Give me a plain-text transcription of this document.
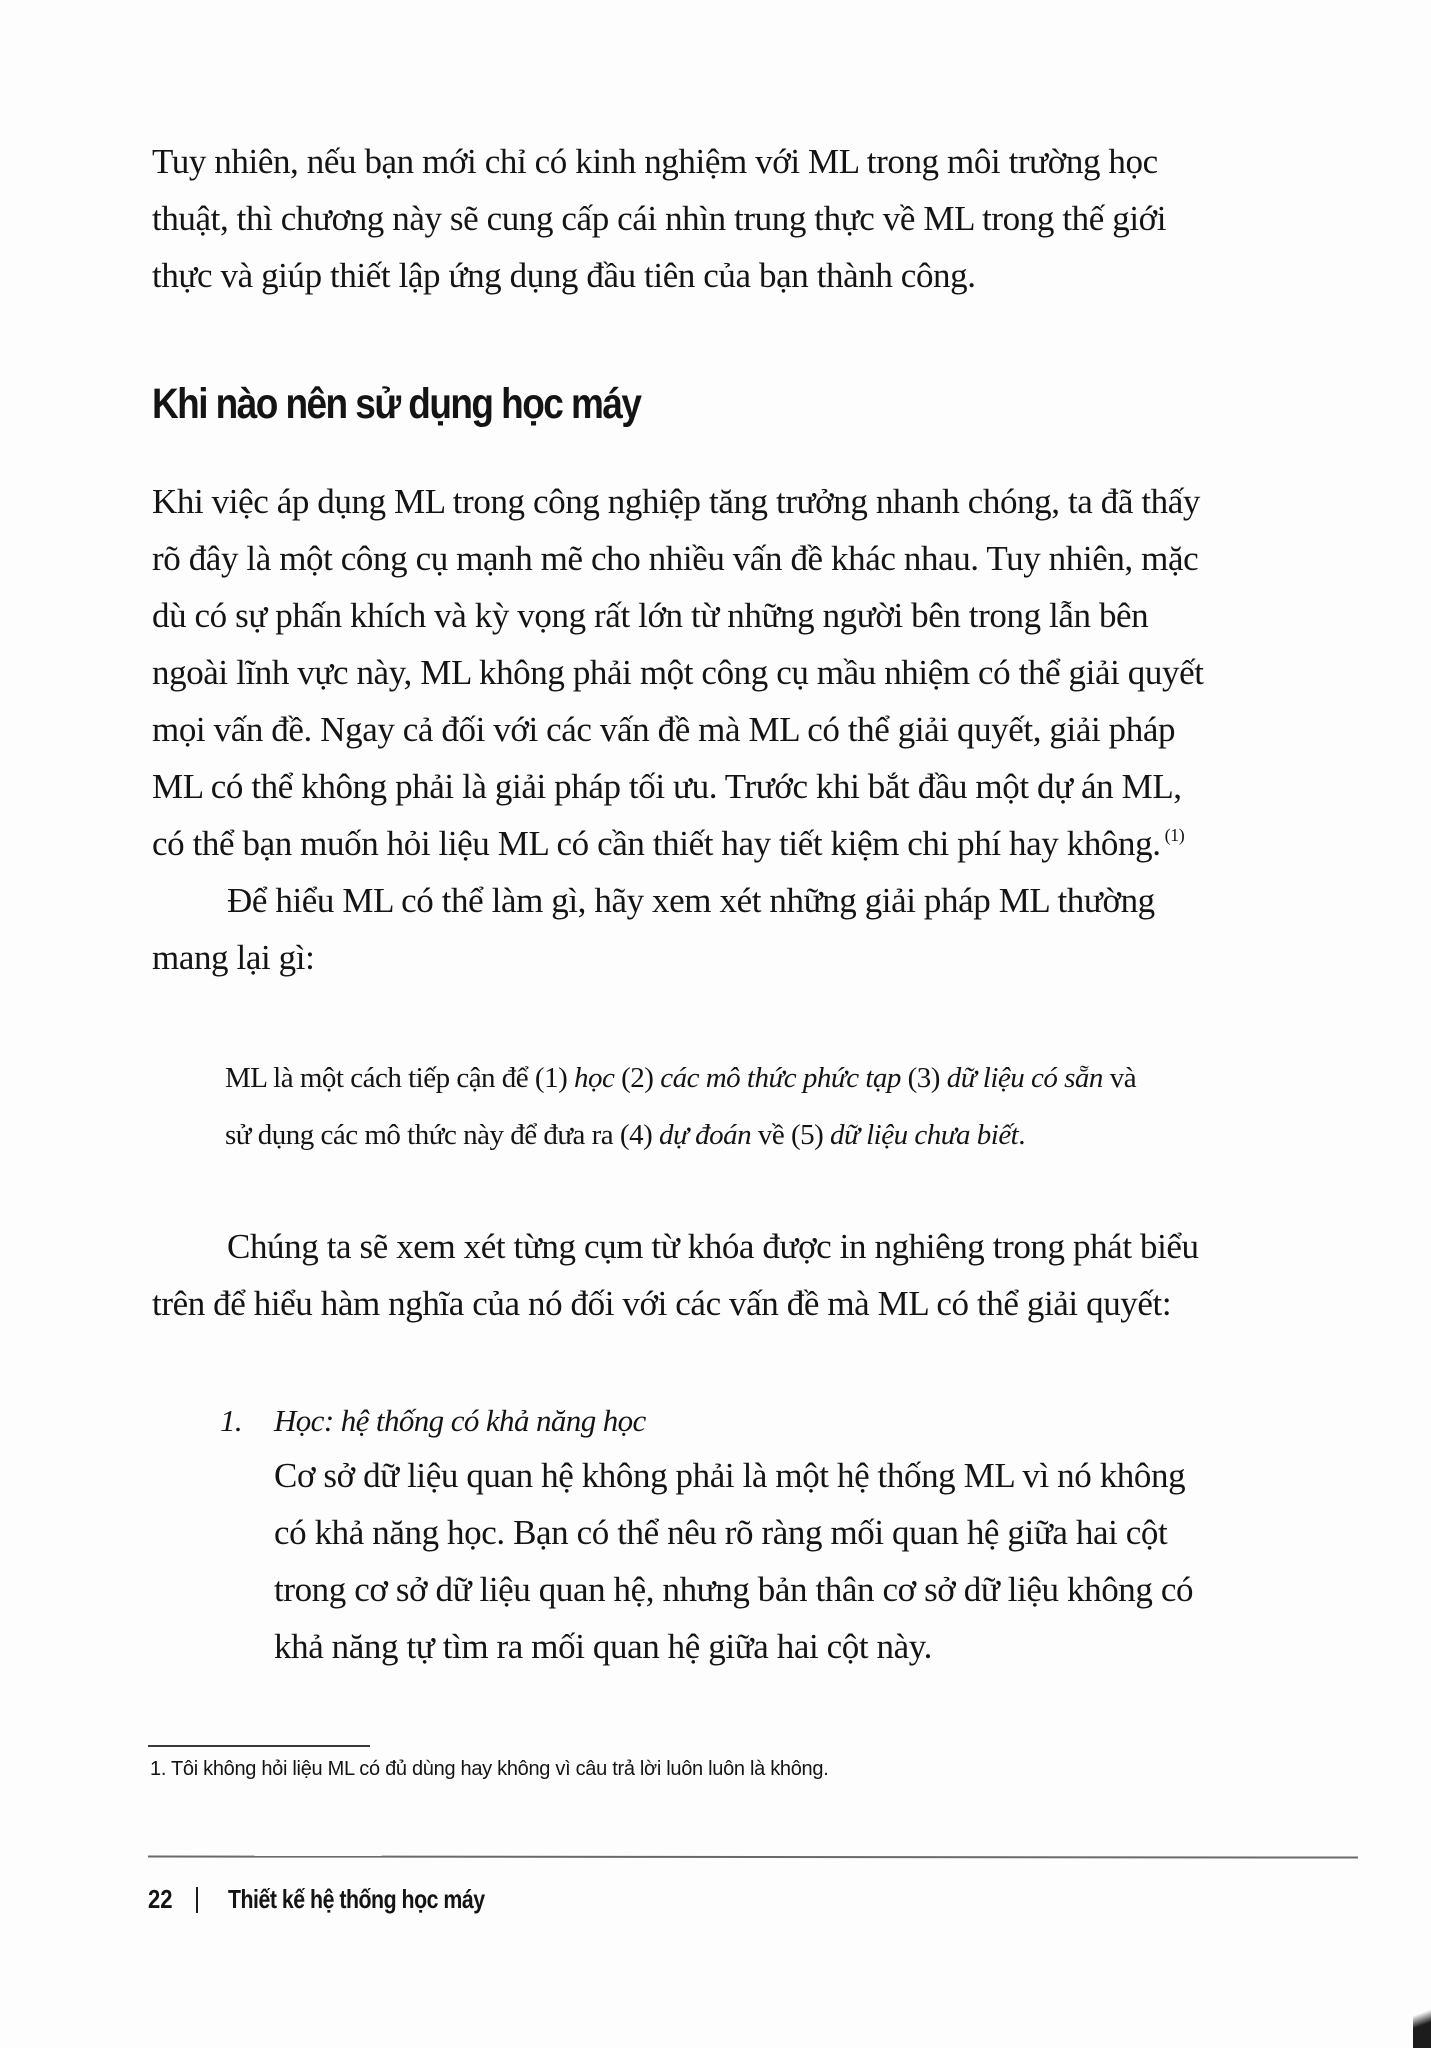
Tuy nhiên, nếu bạn mới chỉ có kinh nghiệm với ML trong môi trường học
thuật, thì chương này sẽ cung cấp cái nhìn trung thực về ML trong thế giới
thực và giúp thiết lập ứng dụng đầu tiên của bạn thành công.

Khi nào nên sử dụng học máy

Khi việc áp dụng ML trong công nghiệp tăng trưởng nhanh chóng, ta đã thấy
rõ đây là một công cụ mạnh mẽ cho nhiều vấn đề khác nhau. Tuy nhiên, mặc
dù có sự phấn khích và kỳ vọng rất lớn từ những người bên trong lẫn bên
ngoài lĩnh vực này, ML không phải một công cụ mầu nhiệm có thể giải quyết
mọi vấn đề. Ngay cả đối với các vấn đề mà ML có thể giải quyết, giải pháp
ML có thể không phải là giải pháp tối ưu. Trước khi bắt đầu một dự án ML,
có thể bạn muốn hỏi liệu ML có cần thiết hay tiết kiệm chi phí hay không. $^{(1)}$

Để hiểu ML có thể làm gì, hãy xem xét những giải pháp ML thường
mang lại gì:

ML là một cách tiếp cận để (1) học (2) các mô thức phức tạp (3) dữ liệu có sẵn và
sử dụng các mô thức này để đưa ra (4) dự đoán về (5) dữ liệu chưa biết.

Chúng ta sẽ xem xét từng cụm từ khóa được in nghiêng trong phát biểu
trên để hiểu hàm nghĩa của nó đối với các vấn đề mà ML có thể giải quyết:

1. Học: hệ thống có khả năng học
Cơ sở dữ liệu quan hệ không phải là một hệ thống ML vì nó không
có khả năng học. Bạn có thể nêu rõ ràng mối quan hệ giữa hai cột
trong cơ sở dữ liệu quan hệ, nhưng bản thân cơ sở dữ liệu không có
khả năng tự tìm ra mối quan hệ giữa hai cột này.

1. Tôi không hỏi liệu ML có đủ dùng hay không vì câu trả lời luôn luôn là không.

22	Thiết kế hệ thống học máy
